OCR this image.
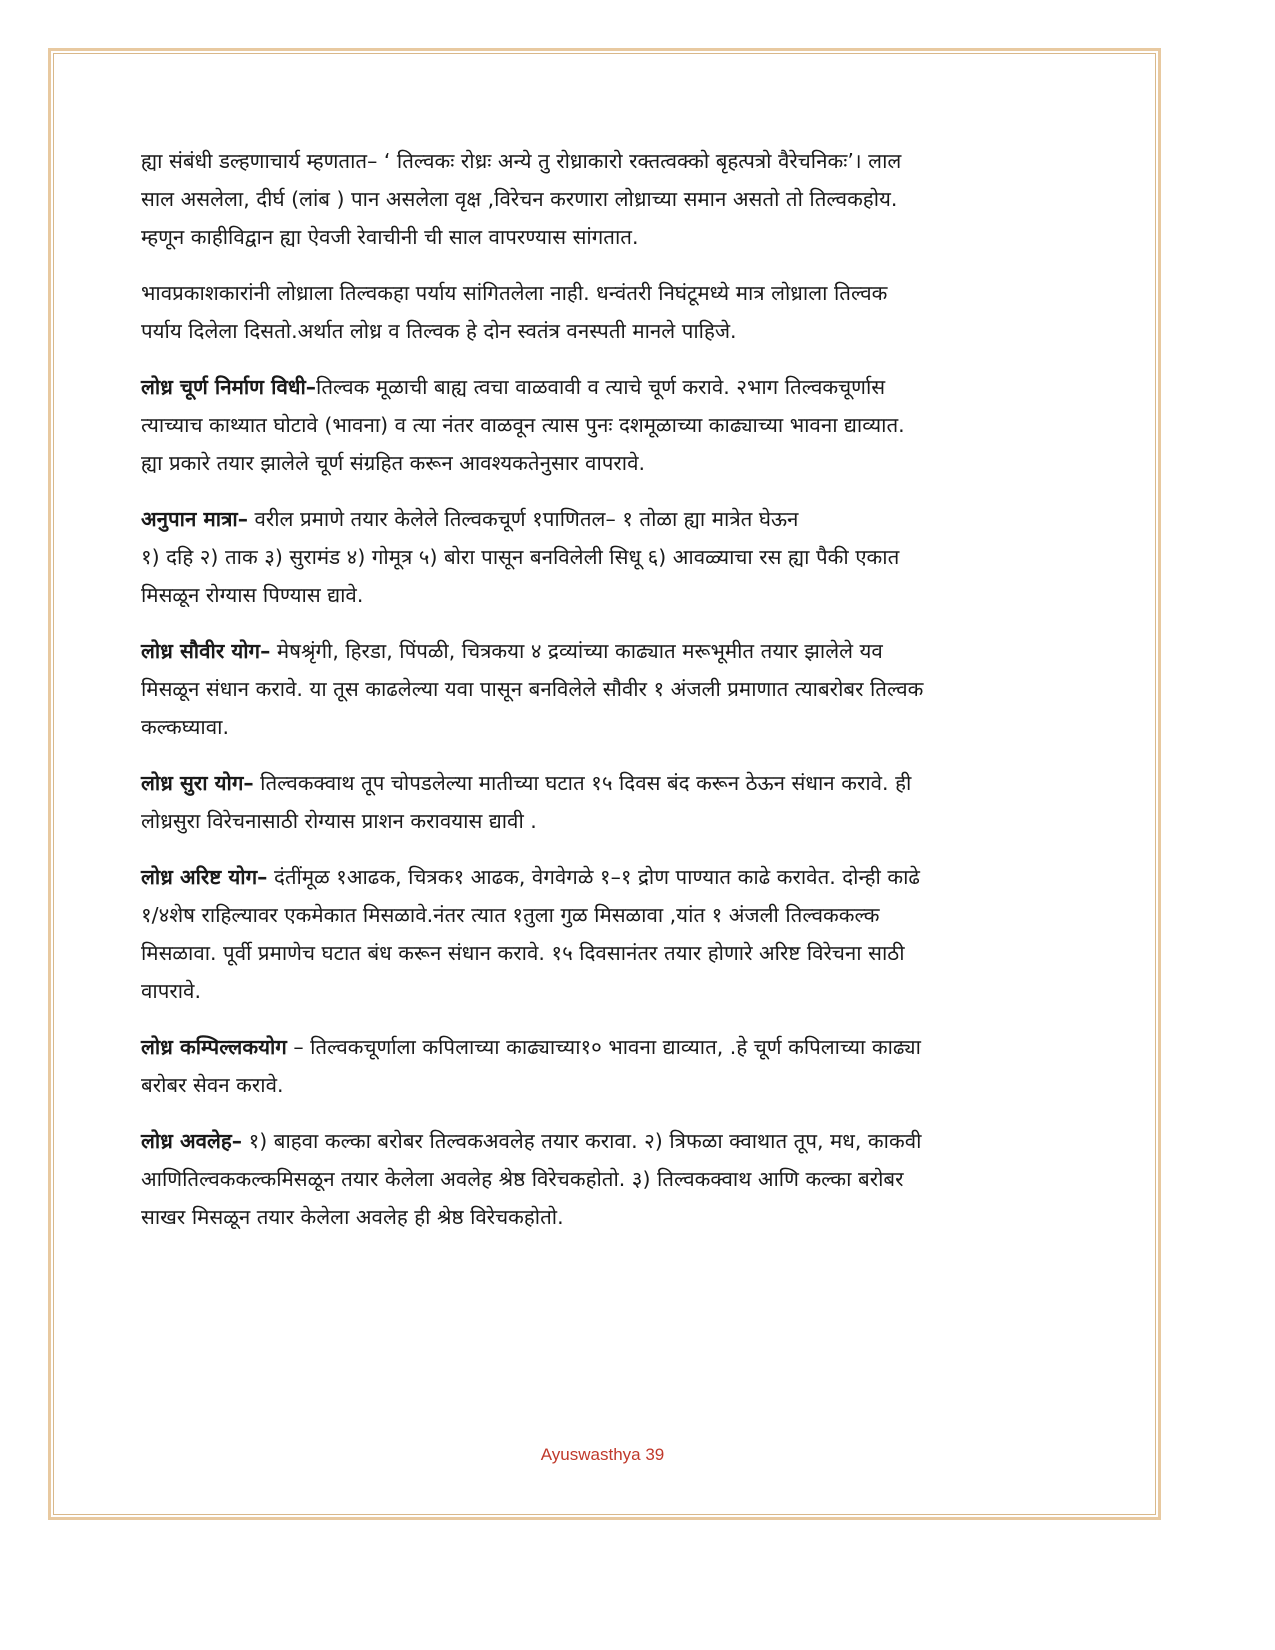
ह्या संबंधी डल्हणाचार्य म्हणतात– ‘ तिल्वकः रोध्रः अन्ये तु रोध्राकारो रक्तत्वक्को बृहत्पत्रो वैरेचनिकः’। लाल
साल असलेला, दीर्घ (लांब ) पान असलेला वृक्ष ,विरेचन करणारा लोध्राच्या समान असतो तो तिल्वकहोय.
म्हणून काहीविद्वान ह्या ऐवजी रेवाचीनी ची साल वापरण्यास सांगतात.
भावप्रकाशकारांनी लोध्राला तिल्वकहा पर्याय सांगितलेला नाही. धन्वंतरी निघंटूमध्ये मात्र लोध्राला तिल्वक
पर्याय दिलेला दिसतो.अर्थात लोध्र व तिल्वक हे दोन स्वतंत्र वनस्पती मानले पाहिजे.
लोध्र चूर्ण निर्माण विधी–तिल्वक मूळाची बाह्य त्वचा वाळवावी व त्याचे चूर्ण करावे. २भाग तिल्वकचूर्णास
त्याच्याच काथ्यात घोटावे (भावना) व त्या नंतर वाळवून त्यास पुनः दशमूळाच्या काढ्याच्या भावना द्याव्यात.
ह्या प्रकारे तयार झालेले चूर्ण संग्रहित करून आवश्यकतेनुसार वापरावे.
अनुपान मात्रा– वरील प्रमाणे तयार केलेले तिल्वकचूर्ण १पाणितल– १ तोळा ह्या मात्रेत घेऊन
१) दहि २) ताक ३) सुरामंड ४) गोमूत्र ५) बोरा पासून बनविलेली सिधू ६) आवळ्याचा रस ह्या पैकी एकात
मिसळून रोग्यास पिण्यास द्यावे.
लोध्र सौवीर योग– मेषश्रृंगी, हिरडा, पिंपळी, चित्रकया ४ द्रव्यांच्या काढ्यात मरूभूमीत तयार झालेले यव
मिसळून संधान करावे. या तूस काढलेल्या यवा पासून बनविलेले सौवीर १ अंजली प्रमाणात त्याबरोबर तिल्वक
कल्कघ्यावा.
लोध्र सुरा योग– तिल्वकक्वाथ तूप चोपडलेल्या मातीच्या घटात १५ दिवस बंद करून ठेऊन संधान करावे. ही
लोध्रसुरा विरेचनासाठी रोग्यास प्राशन करावयास द्यावी .
लोध्र अरिष्ट योग– दंतींमूळ १आढक, चित्रक१ आढक, वेगवेगळे १–१ द्रोण पाण्यात काढे करावेत. दोन्ही काढे
१/४शेष राहिल्यावर एकमेकात मिसळावे.नंतर त्यात १तुला गुळ मिसळावा ,यांत १ अंजली तिल्वककल्क
मिसळावा. पूर्वी प्रमाणेच घटात बंध करून संधान करावे. १५ दिवसानंतर तयार होणारे अरिष्ट विरेचना साठी
वापरावे.
लोध्र कम्पिल्लकयोग – तिल्वकचूर्णाला कपिलाच्या काढ्याच्या१० भावना द्याव्यात, .हे चूर्ण कपिलाच्या काढ्या
बरोबर सेवन करावे.
लोध्र अवलेह– १) बाहवा कल्का बरोबर तिल्वकअवलेह तयार करावा. २) त्रिफळा क्वाथात तूप, मध, काकवी
आणितिल्वककल्कमिसळून तयार केलेला अवलेह श्रेष्ठ विरेचकहोतो. ३) तिल्वकक्वाथ आणि कल्का बरोबर
साखर मिसळून तयार केलेला अवलेह ही श्रेष्ठ विरेचकहोतो.
Ayuswasthya 39
